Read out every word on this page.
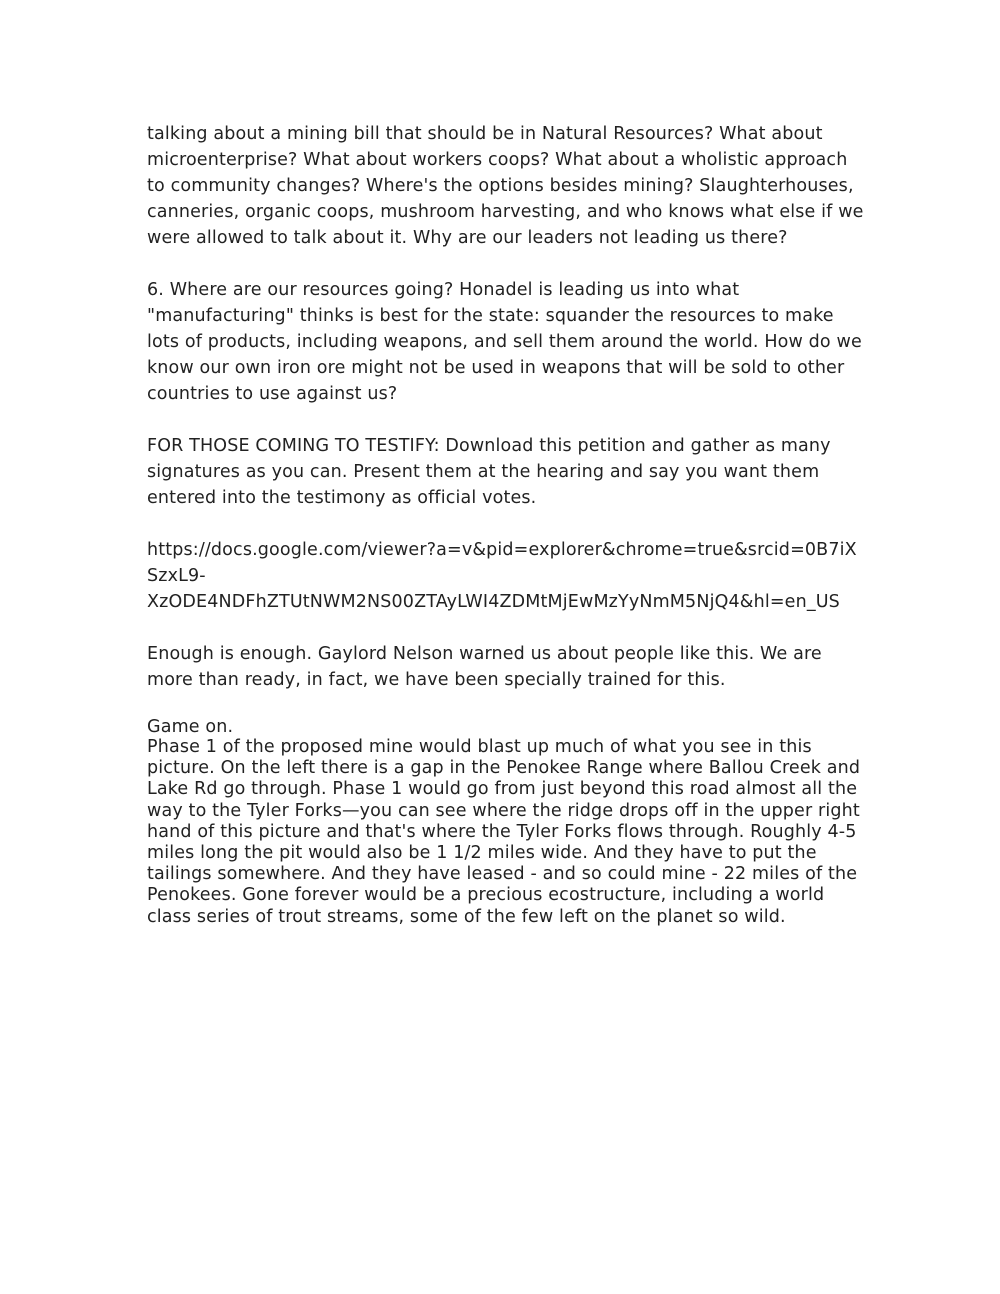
talking about a mining bill that should be in Natural Resources? What about microenterprise? What about workers coops? What about a wholistic approach to community changes? Where's the options besides mining? Slaughterhouses, canneries, organic coops, mushroom harvesting, and who knows what else if we were allowed to talk about it. Why are our leaders not leading us there?

6. Where are our resources going? Honadel is leading us into what "manufacturing" thinks is best for the state: squander the resources to make lots of products, including weapons, and sell them around the world. How do we know our own iron ore might not be used in weapons that will be sold to other countries to use against us?

FOR THOSE COMING TO TESTIFY: Download this petition and gather as many signatures as you can. Present them at the hearing and say you want them entered into the testimony as official votes.

https://docs.google.com/viewer?a=v&pid=explorer&chrome=true&srcid=0B7iX

SzxL9-

XzODE4NDFhZTUtNWM2NS00ZTAyLWI4ZDMtMjEwMzYyNmM5NjQ4&hl=en_US

Enough is enough. Gaylord Nelson warned us about people like this. We are more than ready, in fact, we have been specially trained for this.

Game on.

Phase 1 of the proposed mine would blast up much of what you see in this picture. On the left there is a gap in the Penokee Range where Ballou Creek and Lake Rd go through. Phase 1 would go from just beyond this road almost all the way to the Tyler Forks—you can see where the ridge drops off in the upper right hand of this picture and that's where the Tyler Forks flows through. Roughly 4-5 miles long the pit would also be 1 1/2 miles wide. And they have to put the tailings somewhere. And they have leased - and so could mine - 22 miles of the Penokees. Gone forever would be a precious ecostructure, including a world class series of trout streams, some of the few left on the planet so wild.
